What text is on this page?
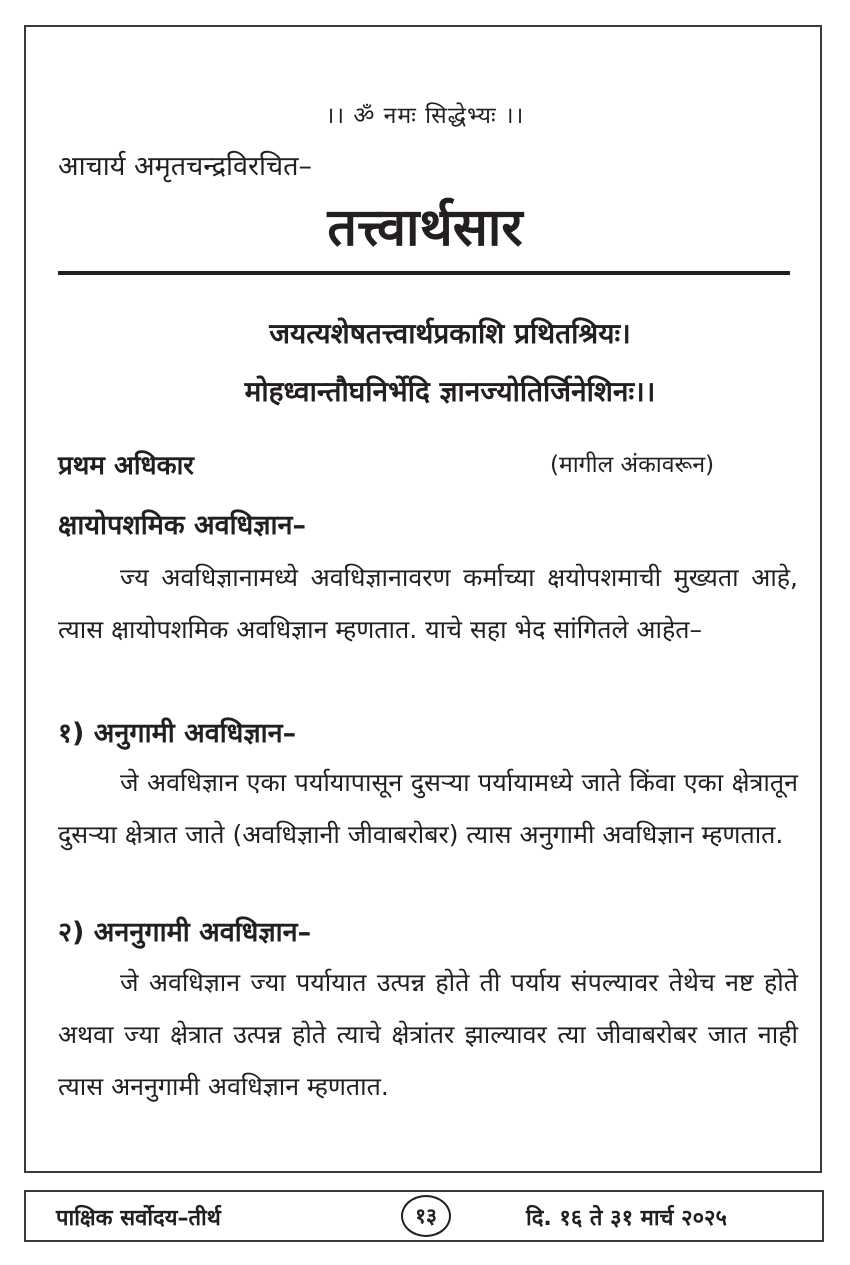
।। ॐ नमः सिद्धेभ्यः ।।
आचार्य अमृतचन्द्रविरचित–
तत्त्वार्थसार
जयत्यशेषतत्त्वार्थप्रकाशि प्रथितश्रियः।
मोहध्वान्तौघनिर्भेदि ज्ञानज्योतिर्जिनेशिनः।।
प्रथम अधिकार	(मागील अंकावरून)
क्षायोपशमिक अवधिज्ञान–
ज्य अवधिज्ञानामध्ये अवधिज्ञानावरण कर्माच्या क्षयोपशमाची मुख्यता आहे, त्यास क्षायोपशमिक अवधिज्ञान म्हणतात. याचे सहा भेद सांगितले आहेत–
१) अनुगामी अवधिज्ञान–
जे अवधिज्ञान एका पर्यायापासून दुसऱ्या पर्यायामध्ये जाते किंवा एका क्षेत्रातून दुसऱ्या क्षेत्रात जाते (अवधिज्ञानी जीवाबरोबर) त्यास अनुगामी अवधिज्ञान म्हणतात.
२) अननुगामी अवधिज्ञान–
जे अवधिज्ञान ज्या पर्यायात उत्पन्न होते ती पर्याय संपल्यावर तेथेच नष्ट होते अथवा ज्या क्षेत्रात उत्पन्न होते त्याचे क्षेत्रांतर झाल्यावर त्या जीवाबरोबर जात नाही त्यास अननुगामी अवधिज्ञान म्हणतात.
पाक्षिक सर्वोदय–तीर्थ	१३	दि. १६ ते ३१ मार्च २०२५
